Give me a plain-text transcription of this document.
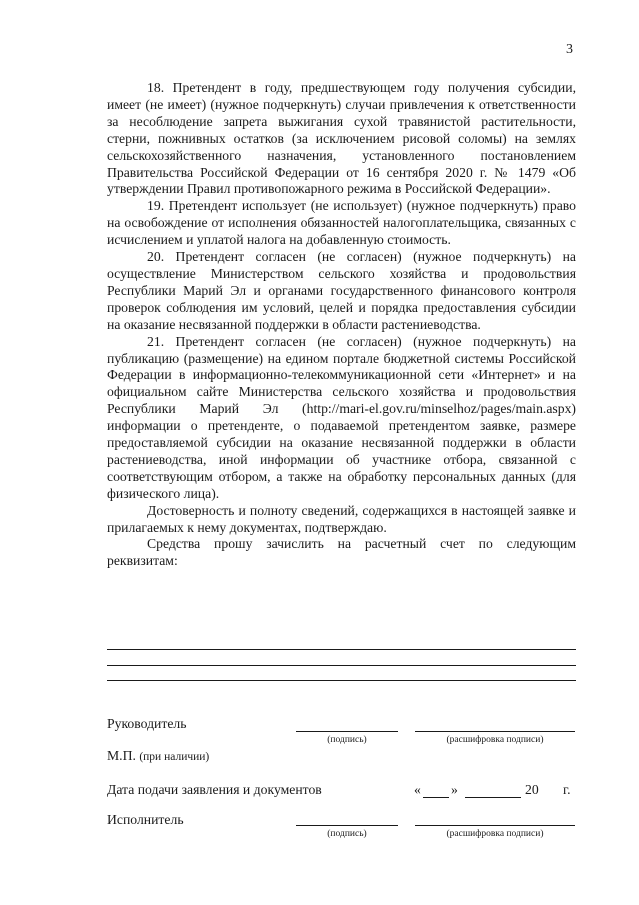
3

18. Претендент в году, предшествующем году получения субсидии, имеет (не имеет) (нужное подчеркнуть) случаи привлечения к ответственности за несоблюдение запрета выжигания сухой травянистой растительности, стерни, пожнивных остатков (за исключением рисовой соломы) на землях сельскохозяйственного назначения, установленного постановлением Правительства Российской Федерации от 16 сентября 2020 г. № 1479 «Об утверждении Правил противопожарного режима в Российской Федерации».

19. Претендент использует (не использует) (нужное подчеркнуть) право на освобождение от исполнения обязанностей налогоплательщика, связанных с исчислением и уплатой налога на добавленную стоимость.

20. Претендент согласен (не согласен) (нужное подчеркнуть) на осуществление Министерством сельского хозяйства и продовольствия Республики Марий Эл и органами государственного финансового контроля проверок соблюдения им условий, целей и порядка предоставления субсидии на оказание несвязанной поддержки в области растениеводства.

21. Претендент согласен (не согласен) (нужное подчеркнуть) на публикацию (размещение) на едином портале бюджетной системы Российской Федерации в информационно-телекоммуникационной сети «Интернет» и на официальном сайте Министерства сельского хозяйства и продовольствия Республики Марий Эл (http://mari-el.gov.ru/minselhoz/pages/main.aspx) информации о претенденте, о подаваемой претендентом заявке, размере предоставляемой субсидии на оказание несвязанной поддержки в области растениеводства, иной информации об участнике отбора, связанной с соответствующим отбором, а также на обработку персональных данных (для физического лица).

Достоверность и полноту сведений, содержащихся в настоящей заявке и прилагаемых к нему документах, подтверждаю.

Средства прошу зачислить на расчетный счет по следующим реквизитам:

Руководитель
(подпись)	(расшифровка подписи)
М.П. (при наличии)
Дата подачи заявления и документов	« »	20 г.
Исполнитель
(подпись)	(расшифровка подписи)
